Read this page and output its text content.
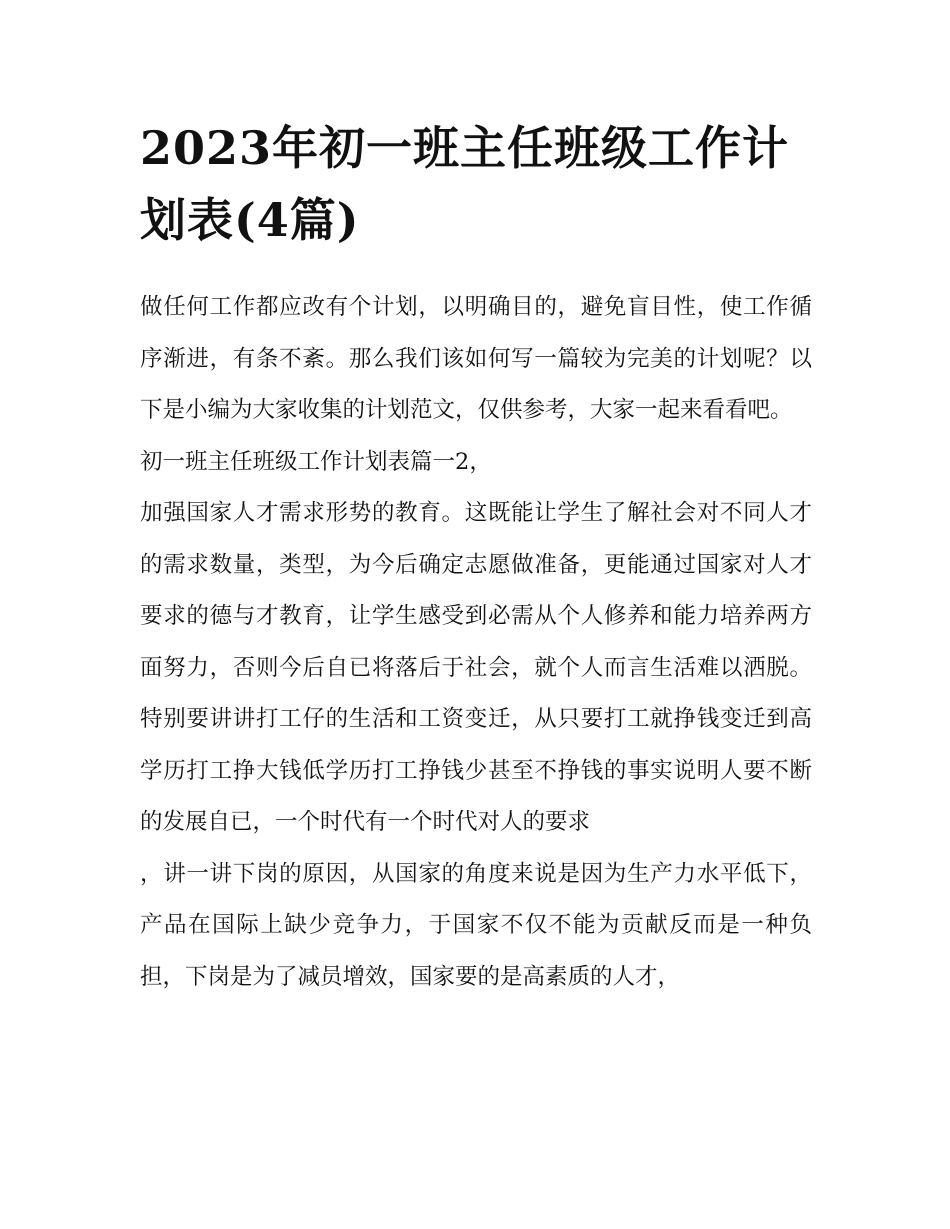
2023年初一班主任班级工作计划表(4篇)

做任何工作都应改有个计划，以明确目的，避免盲目性，使工作循序渐进，有条不紊。那么我们该如何写一篇较为完美的计划呢？以下是小编为大家收集的计划范文，仅供参考，大家一起来看看吧。

初一班主任班级工作计划表篇一2，

加强国家人才需求形势的教育。这既能让学生了解社会对不同人才的需求数量，类型，为今后确定志愿做准备，更能通过国家对人才要求的德与才教育，让学生感受到必需从个人修养和能力培养两方面努力，否则今后自已将落后于社会，就个人而言生活难以洒脱。特别要讲讲打工仔的生活和工资变迁，从只要打工就挣钱变迁到高学历打工挣大钱低学历打工挣钱少甚至不挣钱的事实说明人要不断的发展自已，一个时代有一个时代对人的要求

，讲一讲下岗的原因，从国家的角度来说是因为生产力水平低下，产品在国际上缺少竞争力，于国家不仅不能为贡献反而是一种负担，下岗是为了减员增效，国家要的是高素质的人才，
